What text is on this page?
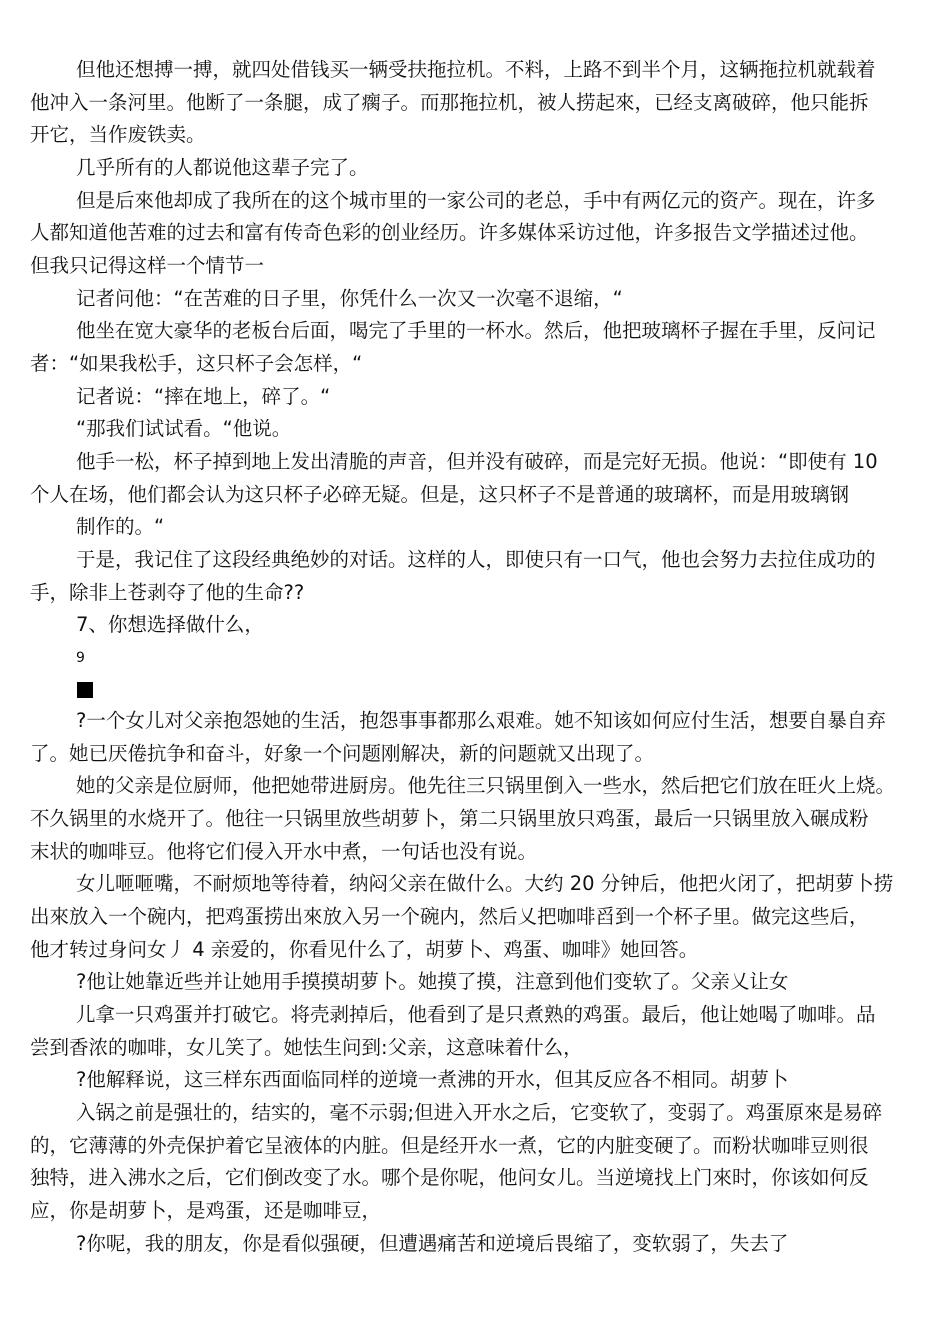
但他还想搏一搏，就四处借钱买一辆受扶拖拉机。不料，上路不到半个月，这辆拖拉机就载着
他冲入一条河里。他断了一条腿，成了瘸子。而那拖拉机，被人捞起來，已经支离破碎，他只能拆
开它，当作废铁卖。
几乎所有的人都说他这辈子完了。
但是后來他却成了我所在的这个城市里的一家公司的老总，手中有两亿元的资产。现在，许多
人都知道他苦难的过去和富有传奇色彩的创业经历。许多媒体采访过他，许多报告文学描述过他。
但我只记得这样一个情节一
记者问他：“在苦难的日子里，你凭什么一次又一次毫不退缩，“
他坐在宽大豪华的老板台后面，喝完了手里的一杯水。然后，他把玻璃杯子握在手里，反问记
者：“如果我松手，这只杯子会怎样，“
记者说：“摔在地上，碎了。“
“那我们试试看。“他说。
他手一松，杯子掉到地上发出清脆的声音，但并没有破碎，而是完好无损。他说：“即使有 10
个人在场，他们都会认为这只杯子必碎无疑。但是，这只杯子不是普通的玻璃杯，而是用玻璃钢
制作的。“
于是，我记住了这段经典绝妙的对话。这样的人，即使只有一口气，他也会努力去拉住成功的
手，除非上苍剥夺了他的生命??
7、你想选择做什么，
9
?一个女儿对父亲抱怨她的生活，抱怨事事都那么艰难。她不知该如何应付生活，想要自暴自弃
了。她已厌倦抗争和奋斗，好象一个问题刚解决，新的问题就又出现了。
她的父亲是位厨师，他把她带进厨房。他先往三只锅里倒入一些水，然后把它们放在旺火上烧。
不久锅里的水烧开了。他往一只锅里放些胡萝卜，第二只锅里放只鸡蛋，最后一只锅里放入碾成粉
末状的咖啡豆。他将它们侵入开水中煮，一句话也没有说。
女儿咂咂嘴，不耐烦地等待着，纳闷父亲在做什么。大约 20 分钟后，他把火闭了，把胡萝卜捞
出來放入一个碗内，把鸡蛋捞出來放入另一个碗内，然后乂把咖啡舀到一个杯子里。做完这些后，
他才转过身问女丿 4 亲爱的，你看见什么了，胡萝卜、鸡蛋、咖啡》她回答。
?他让她靠近些并让她用手摸摸胡萝卜。她摸了摸，注意到他们变软了。父亲乂让女
儿拿一只鸡蛋并打破它。将壳剥掉后，他看到了是只煮熟的鸡蛋。最后，他让她喝了咖啡。品
尝到香浓的咖啡，女儿笑了。她怯生问到:父亲，这意味着什么，
?他解释说，这三样东西面临同样的逆境一煮沸的开水，但其反应各不相同。胡萝卜
入锅之前是强壮的，结实的，毫不示弱;但进入开水之后，它变软了，变弱了。鸡蛋原來是易碎
的，它薄薄的外壳保护着它呈液体的内脏。但是经开水一煮，它的内脏变硬了。而粉状咖啡豆则很
独特，进入沸水之后，它们倒改变了水。哪个是你呢，他问女儿。当逆境找上门來时，你该如何反
应，你是胡萝卜，是鸡蛋，还是咖啡豆，
?你呢，我的朋友，你是看似强硬，但遭遇痛苦和逆境后畏缩了，变软弱了，失去了
